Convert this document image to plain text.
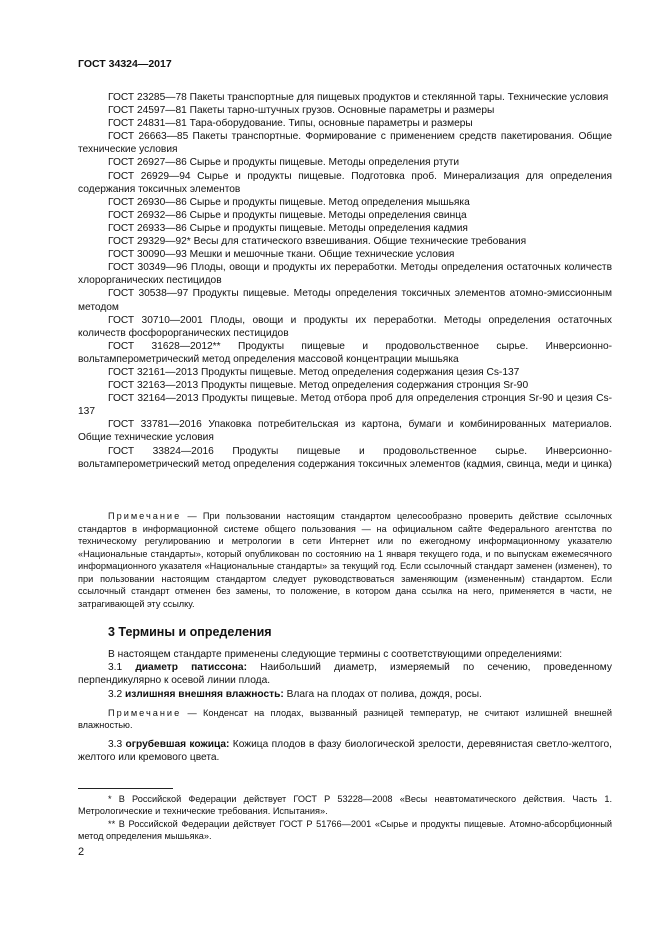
ГОСТ 34324—2017

ГОСТ 23285—78 Пакеты транспортные для пищевых продуктов и стеклянной тары. Технические условия

ГОСТ 24597—81 Пакеты тарно-штучных грузов. Основные параметры и размеры

ГОСТ 24831—81 Тара-оборудование. Типы, основные параметры и размеры

ГОСТ 26663—85 Пакеты транспортные. Формирование с применением средств пакетирования. Общие технические условия

ГОСТ 26927—86 Сырье и продукты пищевые. Методы определения ртути

ГОСТ 26929—94 Сырье и продукты пищевые. Подготовка проб. Минерализация для определения содержания токсичных элементов

ГОСТ 26930—86 Сырье и продукты пищевые. Метод определения мышьяка

ГОСТ 26932—86 Сырье и продукты пищевые. Методы определения свинца

ГОСТ 26933—86 Сырье и продукты пищевые. Методы определения кадмия

ГОСТ 29329—92* Весы для статического взвешивания. Общие технические требования

ГОСТ 30090—93 Мешки и мешочные ткани. Общие технические условия

ГОСТ 30349—96 Плоды, овощи и продукты их переработки. Методы определения остаточных количеств хлорорганических пестицидов

ГОСТ 30538—97 Продукты пищевые. Методы определения токсичных элементов атомно-эмиссионным методом

ГОСТ 30710—2001 Плоды, овощи и продукты их переработки. Методы определения остаточных количеств фосфорорганических пестицидов

ГОСТ 31628—2012** Продукты пищевые и продовольственное сырье. Инверсионно-вольтамперометрический метод определения массовой концентрации мышьяка

ГОСТ 32161—2013 Продукты пищевые. Метод определения содержания цезия Cs-137

ГОСТ 32163—2013 Продукты пищевые. Метод определения содержания стронция Sr-90

ГОСТ 32164—2013 Продукты пищевые. Метод отбора проб для определения стронция Sr-90 и цезия Cs-137

ГОСТ 33781—2016 Упаковка потребительская из картона, бумаги и комбинированных материалов. Общие технические условия

ГОСТ 33824—2016 Продукты пищевые и продовольственное сырье. Инверсионно-вольтамперометрический метод определения содержания токсичных элементов (кадмия, свинца, меди и цинка)

Примечание — При пользовании настоящим стандартом целесообразно проверить действие ссылочных стандартов в информационной системе общего пользования — на официальном сайте Федерального агентства по техническому регулированию и метрологии в сети Интернет или по ежегодному информационному указателю «Национальные стандарты», который опубликован по состоянию на 1 января текущего года, и по выпускам ежемесячного информационного указателя «Национальные стандарты» за текущий год. Если ссылочный стандарт заменен (изменен), то при пользовании настоящим стандартом следует руководствоваться заменяющим (измененным) стандартом. Если ссылочный стандарт отменен без замены, то положение, в котором дана ссылка на него, применяется в части, не затрагивающей эту ссылку.

3 Термины и определения

В настоящем стандарте применены следующие термины с соответствующими определениями:

3.1 диаметр патиссона: Наибольший диаметр, измеряемый по сечению, проведенному перпендикулярно к осевой линии плода.

3.2 излишняя внешняя влажность: Влага на плодах от полива, дождя, росы.

Примечание — Конденсат на плодах, вызванный разницей температур, не считают излишней внешней влажностью.

3.3 огрубевшая кожица: Кожица плодов в фазу биологической зрелости, деревянистая светло-желтого, желтого или кремового цвета.

* В Российской Федерации действует ГОСТ Р 53228—2008 «Весы неавтоматического действия. Часть 1. Метрологические и технические требования. Испытания».

** В Российской Федерации действует ГОСТ Р 51766—2001 «Сырье и продукты пищевые. Атомно-абсорбционный метод определения мышьяка».

2
